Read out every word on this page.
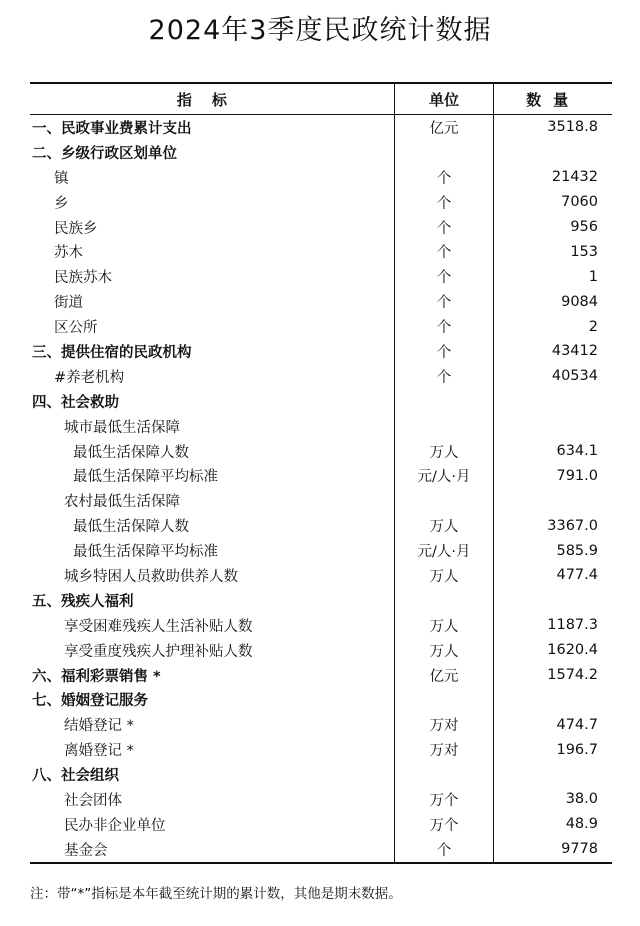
2024年3季度民政统计数据
指标	单位	数量
一、民政事业费累计支出	亿元	3518.8
二、乡级行政区划单位		
镇	个	21432
乡	个	7060
民族乡	个	956
苏木	个	153
民族苏木	个	1
街道	个	9084
区公所	个	2
三、提供住宿的民政机构	个	43412
#养老机构	个	40534
四、社会救助		
城市最低生活保障		
最低生活保障人数	万人	634.1
最低生活保障平均标准	元/人·月	791.0
农村最低生活保障		
最低生活保障人数	万人	3367.0
最低生活保障平均标准	元/人·月	585.9
城乡特困人员救助供养人数	万人	477.4
五、残疾人福利		
享受困难残疾人生活补贴人数	万人	1187.3
享受重度残疾人护理补贴人数	万人	1620.4
六、福利彩票销售 *	亿元	1574.2
七、婚姻登记服务		
结婚登记 *	万对	474.7
离婚登记 *	万对	196.7
八、社会组织		
社会团体	万个	38.0
民办非企业单位	万个	48.9
基金会	个	9778
注：带“*”指标是本年截至统计期的累计数，其他是期末数据。
